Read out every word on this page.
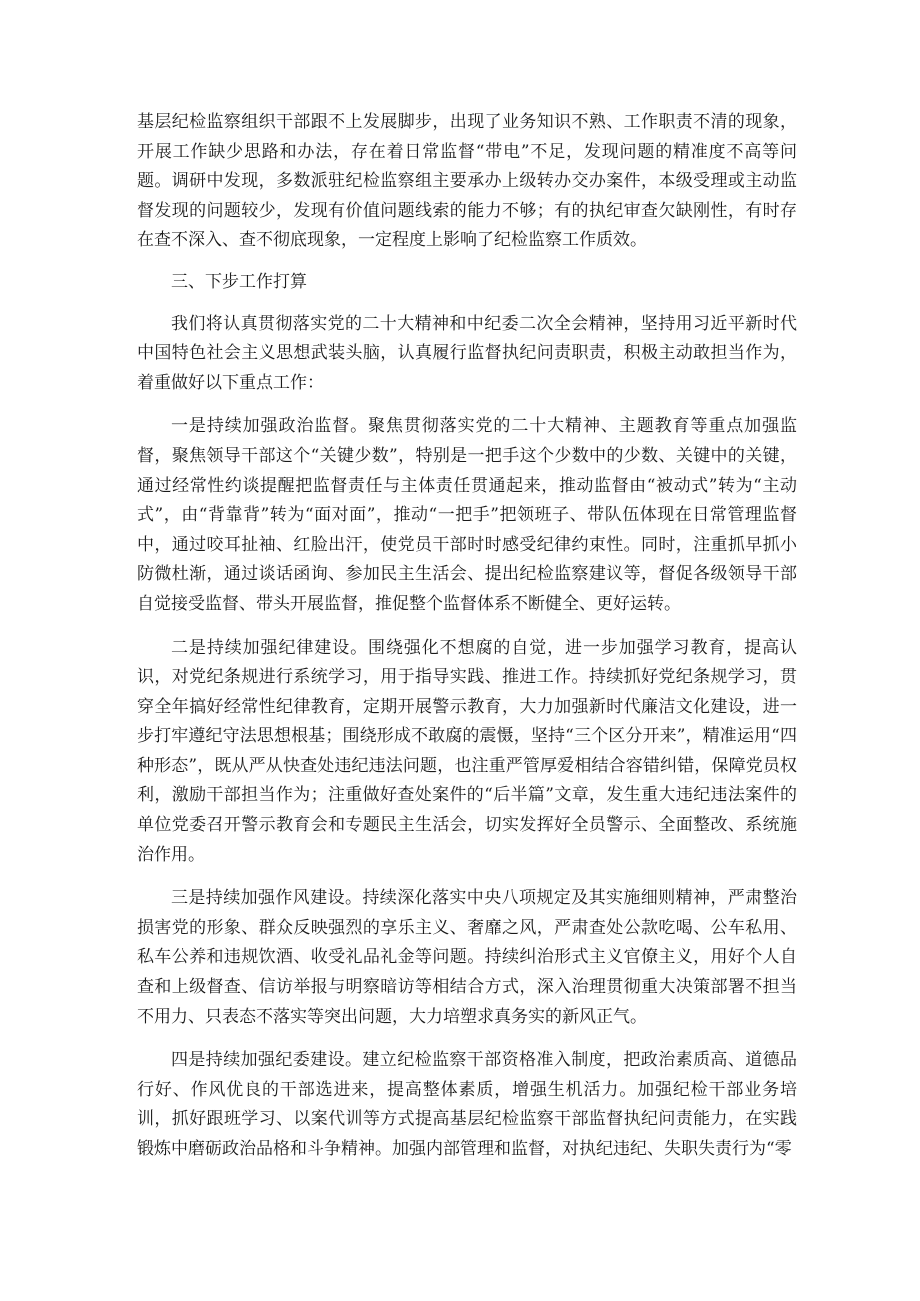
基层纪检监察组织干部跟不上发展脚步，出现了业务知识不熟、工作职责不清的现象，开展工作缺少思路和办法，存在着日常监督“带电”不足，发现问题的精准度不高等问题。调研中发现，多数派驻纪检监察组主要承办上级转办交办案件，本级受理或主动监督发现的问题较少，发现有价值问题线索的能力不够；有的执纪审查欠缺刚性，有时存在查不深入、查不彻底现象，一定程度上影响了纪检监察工作质效。

三、下步工作打算

我们将认真贯彻落实党的二十大精神和中纪委二次全会精神，坚持用习近平新时代中国特色社会主义思想武装头脑，认真履行监督执纪问责职责，积极主动敢担当作为，着重做好以下重点工作：

一是持续加强政治监督。聚焦贯彻落实党的二十大精神、主题教育等重点加强监督，聚焦领导干部这个“关键少数”，特别是一把手这个少数中的少数、关键中的关键，通过经常性约谈提醒把监督责任与主体责任贯通起来，推动监督由“被动式”转为“主动式”，由“背靠背”转为“面对面”，推动“一把手”把领班子、带队伍体现在日常管理监督中，通过咬耳扯袖、红脸出汗，使党员干部时时感受纪律约束性。同时，注重抓早抓小防微杜渐，通过谈话函询、参加民主生活会、提出纪检监察建议等，督促各级领导干部自觉接受监督、带头开展监督，推促整个监督体系不断健全、更好运转。

二是持续加强纪律建设。围绕强化不想腐的自觉，进一步加强学习教育，提高认识，对党纪条规进行系统学习，用于指导实践、推进工作。持续抓好党纪条规学习，贯穿全年搞好经常性纪律教育，定期开展警示教育，大力加强新时代廉洁文化建设，进一步打牢遵纪守法思想根基；围绕形成不敢腐的震慑，坚持“三个区分开来”，精准运用“四种形态”，既从严从快查处违纪违法问题，也注重严管厚爱相结合容错纠错，保障党员权利，激励干部担当作为；注重做好查处案件的“后半篇”文章，发生重大违纪违法案件的单位党委召开警示教育会和专题民主生活会，切实发挥好全员警示、全面整改、系统施治作用。

三是持续加强作风建设。持续深化落实中央八项规定及其实施细则精神，严肃整治损害党的形象、群众反映强烈的享乐主义、奢靡之风，严肃查处公款吃喝、公车私用、私车公养和违规饮酒、收受礼品礼金等问题。持续纠治形式主义官僚主义，用好个人自查和上级督查、信访举报与明察暗访等相结合方式，深入治理贯彻重大决策部署不担当不用力、只表态不落实等突出问题，大力培塑求真务实的新风正气。

四是持续加强纪委建设。建立纪检监察干部资格准入制度，把政治素质高、道德品行好、作风优良的干部选进来，提高整体素质，增强生机活力。加强纪检干部业务培训，抓好跟班学习、以案代训等方式提高基层纪检监察干部监督执纪问责能力，在实践锻炼中磨砺政治品格和斗争精神。加强内部管理和监督，对执纪违纪、失职失责行为“零
